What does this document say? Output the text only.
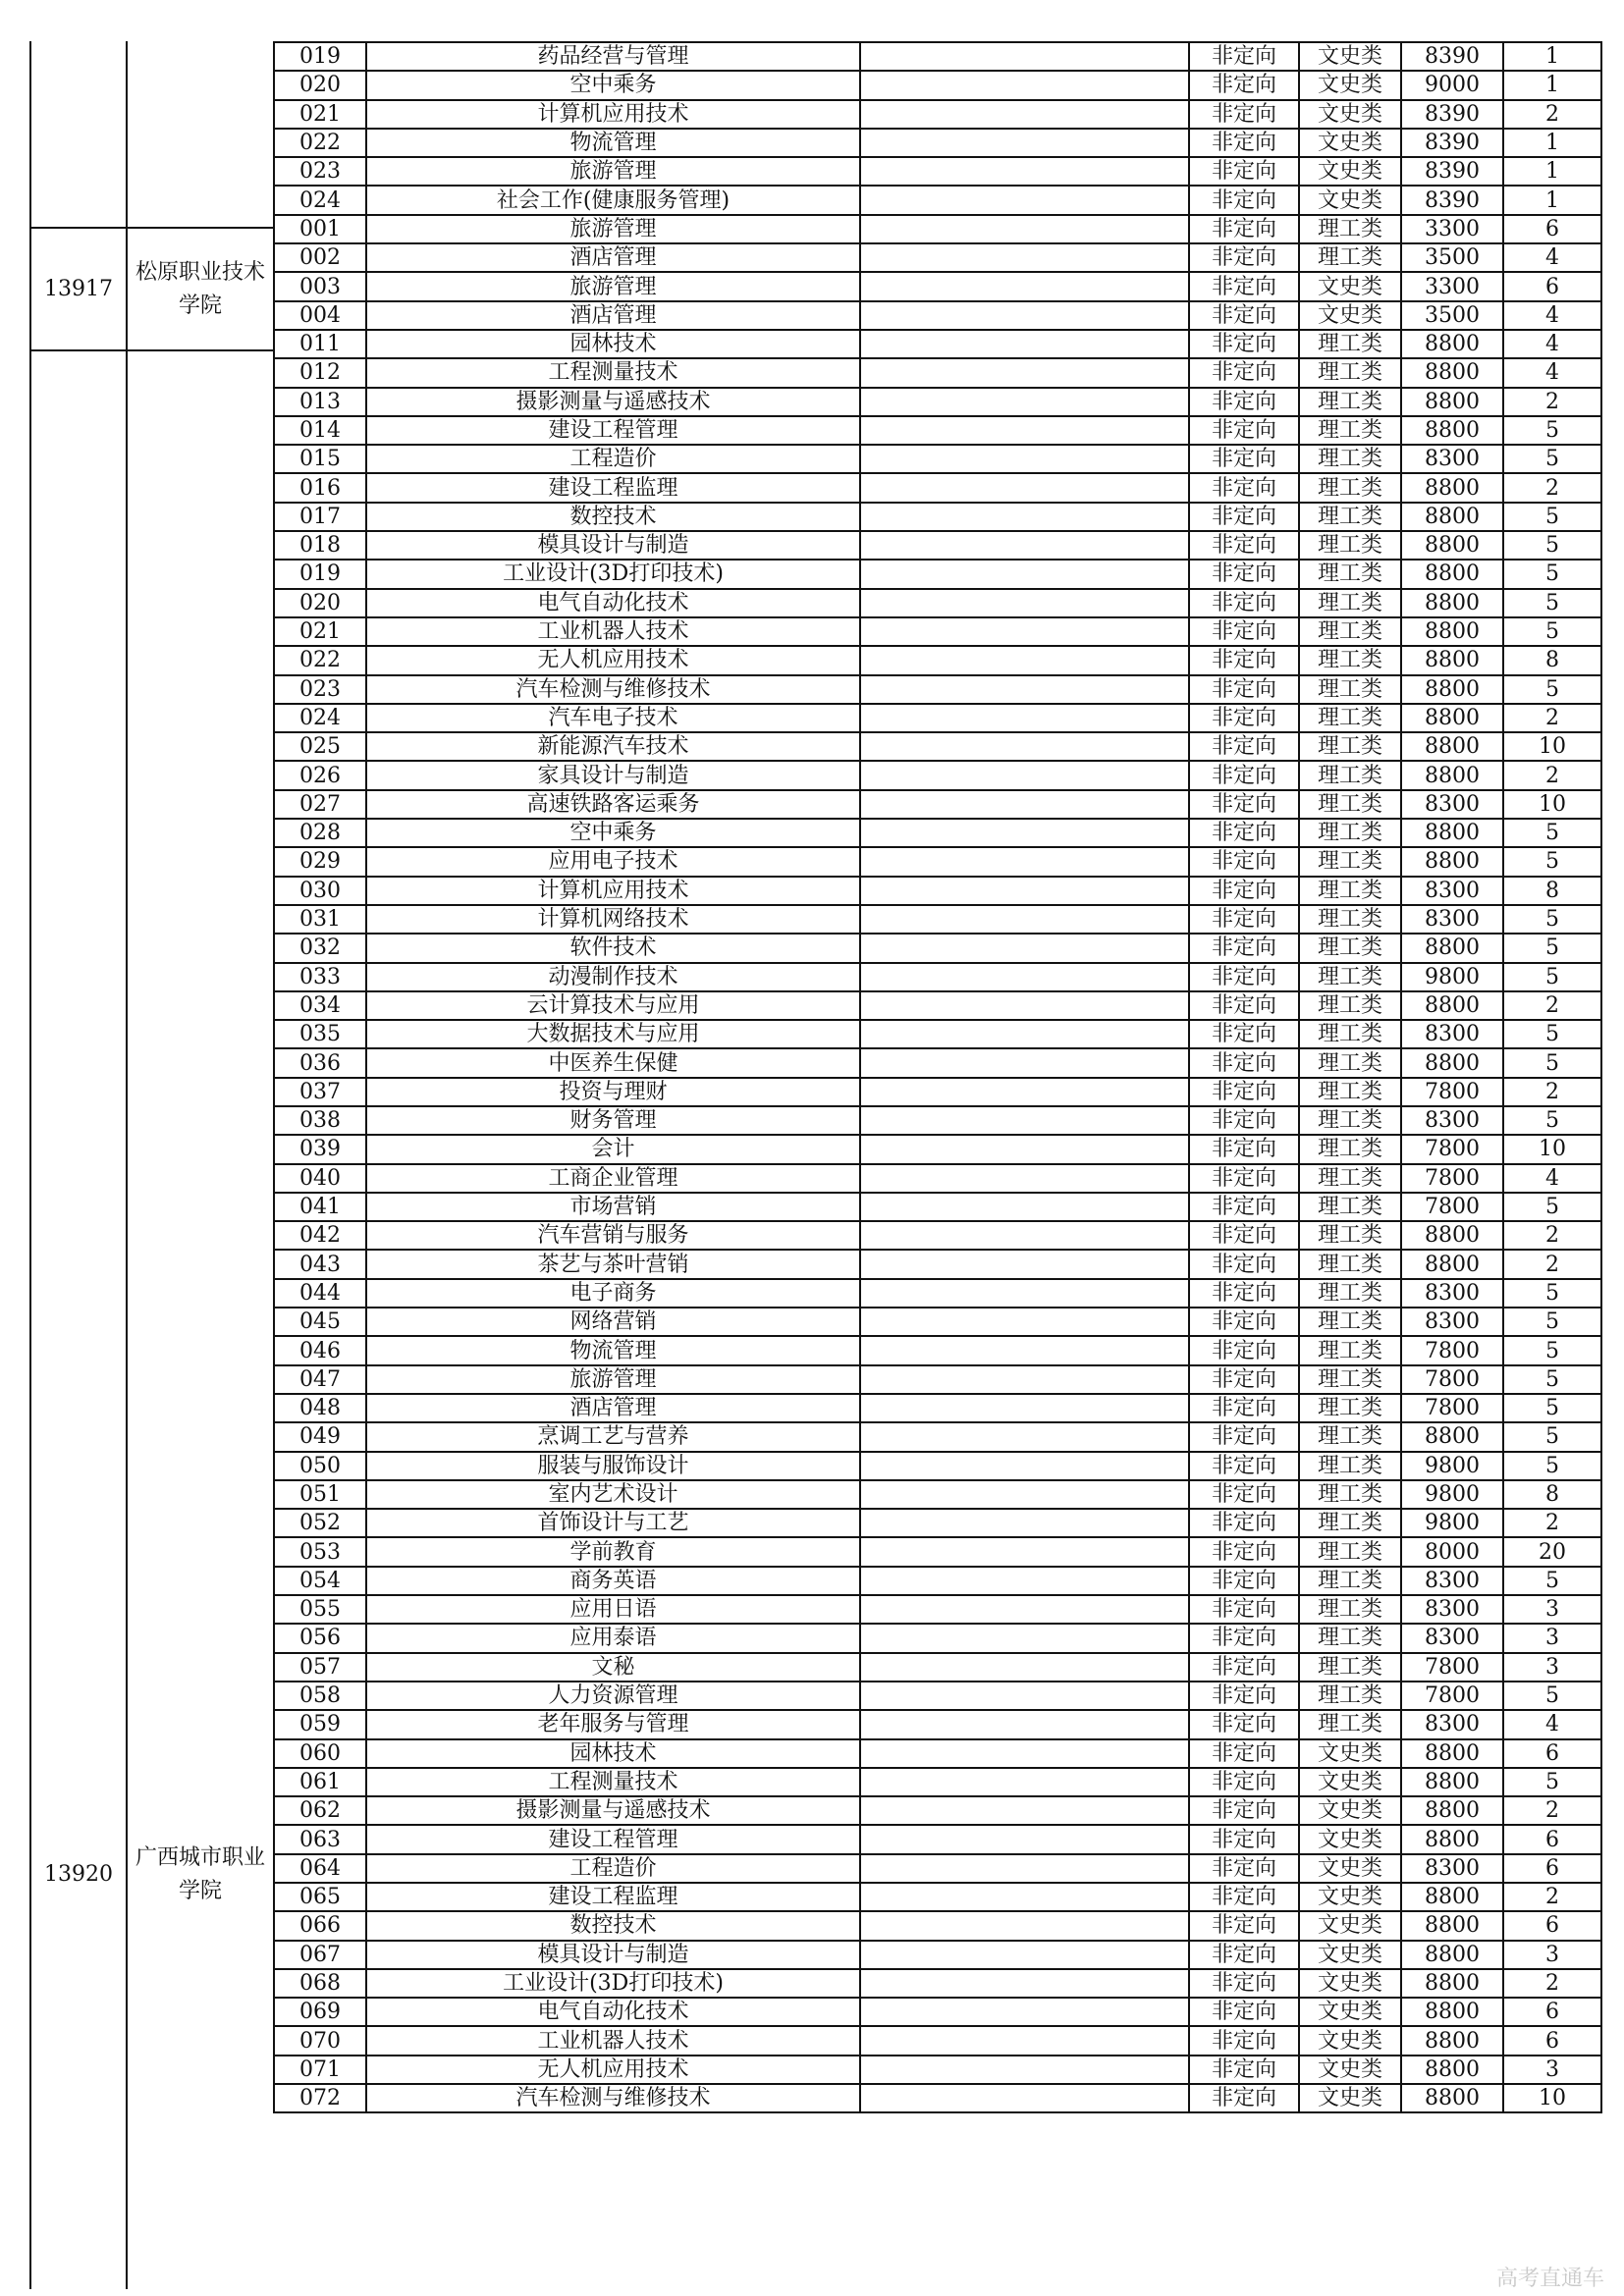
13917
松原职业技术学院
13920
广西城市职业学院
019	药品经营与管理		非定向	文史类	8390	1
020	空中乘务		非定向	文史类	9000	1
021	计算机应用技术		非定向	文史类	8390	2
022	物流管理		非定向	文史类	8390	1
023	旅游管理		非定向	文史类	8390	1
024	社会工作(健康服务管理)		非定向	文史类	8390	1
001	旅游管理		非定向	理工类	3300	6
002	酒店管理		非定向	理工类	3500	4
003	旅游管理		非定向	文史类	3300	6
004	酒店管理		非定向	文史类	3500	4
011	园林技术		非定向	理工类	8800	4
012	工程测量技术		非定向	理工类	8800	4
013	摄影测量与遥感技术		非定向	理工类	8800	2
014	建设工程管理		非定向	理工类	8800	5
015	工程造价		非定向	理工类	8300	5
016	建设工程监理		非定向	理工类	8800	2
017	数控技术		非定向	理工类	8800	5
018	模具设计与制造		非定向	理工类	8800	5
019	工业设计(3D打印技术)		非定向	理工类	8800	5
020	电气自动化技术		非定向	理工类	8800	5
021	工业机器人技术		非定向	理工类	8800	5
022	无人机应用技术		非定向	理工类	8800	8
023	汽车检测与维修技术		非定向	理工类	8800	5
024	汽车电子技术		非定向	理工类	8800	2
025	新能源汽车技术		非定向	理工类	8800	10
026	家具设计与制造		非定向	理工类	8800	2
027	高速铁路客运乘务		非定向	理工类	8300	10
028	空中乘务		非定向	理工类	8800	5
029	应用电子技术		非定向	理工类	8800	5
030	计算机应用技术		非定向	理工类	8300	8
031	计算机网络技术		非定向	理工类	8300	5
032	软件技术		非定向	理工类	8800	5
033	动漫制作技术		非定向	理工类	9800	5
034	云计算技术与应用		非定向	理工类	8800	2
035	大数据技术与应用		非定向	理工类	8300	5
036	中医养生保健		非定向	理工类	8800	5
037	投资与理财		非定向	理工类	7800	2
038	财务管理		非定向	理工类	8300	5
039	会计		非定向	理工类	7800	10
040	工商企业管理		非定向	理工类	7800	4
041	市场营销		非定向	理工类	7800	5
042	汽车营销与服务		非定向	理工类	8800	2
043	茶艺与茶叶营销		非定向	理工类	8800	2
044	电子商务		非定向	理工类	8300	5
045	网络营销		非定向	理工类	8300	5
046	物流管理		非定向	理工类	7800	5
047	旅游管理		非定向	理工类	7800	5
048	酒店管理		非定向	理工类	7800	5
049	烹调工艺与营养		非定向	理工类	8800	5
050	服装与服饰设计		非定向	理工类	9800	5
051	室内艺术设计		非定向	理工类	9800	8
052	首饰设计与工艺		非定向	理工类	9800	2
053	学前教育		非定向	理工类	8000	20
054	商务英语		非定向	理工类	8300	5
055	应用日语		非定向	理工类	8300	3
056	应用泰语		非定向	理工类	8300	3
057	文秘		非定向	理工类	7800	3
058	人力资源管理		非定向	理工类	7800	5
059	老年服务与管理		非定向	理工类	8300	4
060	园林技术		非定向	文史类	8800	6
061	工程测量技术		非定向	文史类	8800	5
062	摄影测量与遥感技术		非定向	文史类	8800	2
063	建设工程管理		非定向	文史类	8800	6
064	工程造价		非定向	文史类	8300	6
065	建设工程监理		非定向	文史类	8800	2
066	数控技术		非定向	文史类	8800	6
067	模具设计与制造		非定向	文史类	8800	3
068	工业设计(3D打印技术)		非定向	文史类	8800	2
069	电气自动化技术		非定向	文史类	8800	6
070	工业机器人技术		非定向	文史类	8800	6
071	无人机应用技术		非定向	文史类	8800	3
072	汽车检测与维修技术		非定向	文史类	8800	10
高考直通车
